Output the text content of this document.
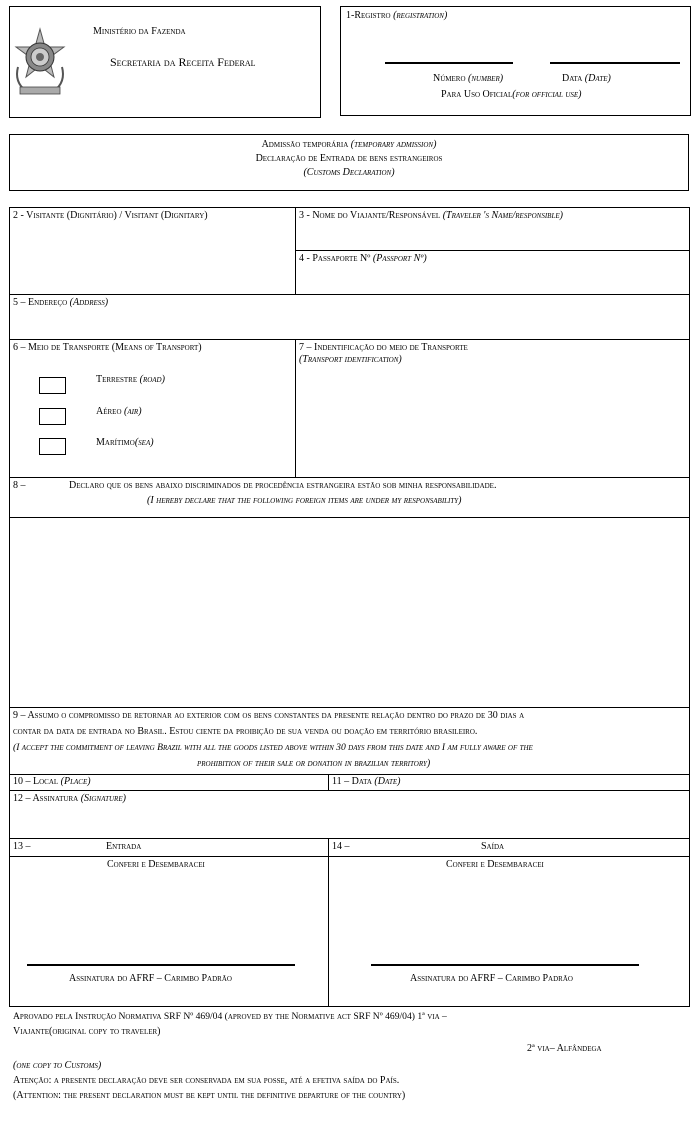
Ministério da Fazenda
Secretaria da Receita Federal
1-Registro (registration)
Número (number)	Data (Date)
Para Uso Oficial(for official use)
Admissão temporária (temporary admission)
Declaração de Entrada de bens estrangeiros
(Customs Declaration)
2 - Visitante (Dignitário) / Visitant (Dignitary)	3 - Nome do Viajante/Responsável (Traveler 's Name/responsible)
4 - Passaporte Nº (Passport Nº)
5 – Endereço (Address)
6 – Meio de Transporte (Means of Transport)
Terrestre (road)
Aéreo (air)
Marítimo(sea)
7 – Indentificação do meio de Transporte
(Transport identification)
8 –	Declaro que os bens abaixo discriminados de procedência estrangeira estão sob minha responsabilidade.
(I hereby declare that the following foreign items are under my responsability)
9 – Assumo o compromisso de retornar ao exterior com os bens constantes da presente relação dentro do prazo de 30 dias a
contar da data de entrada no Brasil. Estou ciente da proibição de sua venda ou doação em território brasileiro.
(I accept the commitment of leaving Brazil with all the goods listed above within 30 days from this date and I am fully aware of the
prohibition of their sale or donation in brazilian territory)
10 – Local (Place)	11 – Data (Date)
12 – Assinatura (Signature)
13 –	Entrada	14 –	Saída
Conferi e Desembaracei	Conferi e Desembaracei
Assinatura do AFRF – Carimbo Padrão	Assinatura do AFRF – Carimbo Padrão
Aprovado pela Instrução Normativa SRF Nº 469/04 (aproved by the Normative act SRF Nº 469/04) 1ª via –
Viajante(original copy to traveler)
2ª via– Alfândega
(one copy to Customs)
Atenção: a presente declaração deve ser conservada em sua posse, até a efetiva saída do País.
(Attention: the present declaration must be kept until the definitive departure of the country)
